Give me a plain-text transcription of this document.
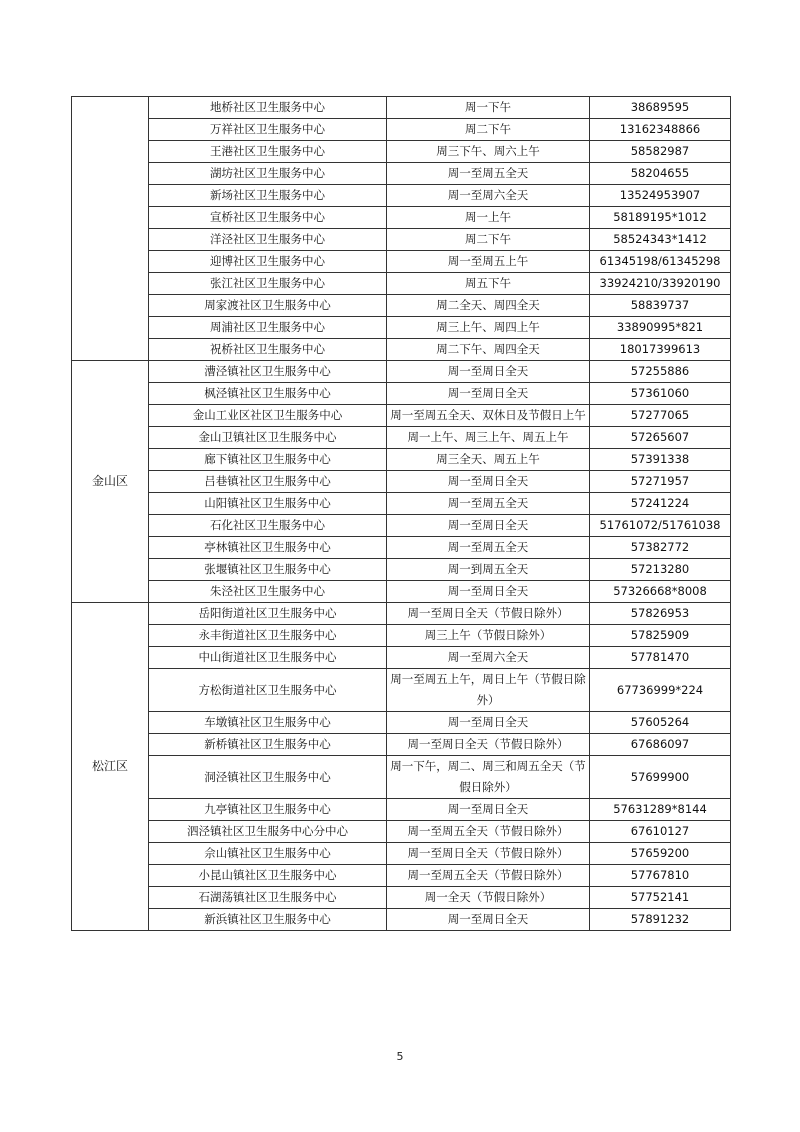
	地桥社区卫生服务中心	周一下午	38689595
	万祥社区卫生服务中心	周二下午	13162348866
	王港社区卫生服务中心	周三下午、周六上午	58582987
	湖坊社区卫生服务中心	周一至周五全天	58204655
	新场社区卫生服务中心	周一至周六全天	13524953907
	宣桥社区卫生服务中心	周一上午	58189195*1012
	洋泾社区卫生服务中心	周二下午	58524343*1412
	迎博社区卫生服务中心	周一至周五上午	61345198/61345298
	张江社区卫生服务中心	周五下午	33924210/33920190
	周家渡社区卫生服务中心	周二全天、周四全天	58839737
	周浦社区卫生服务中心	周三上午、周四上午	33890995*821
	祝桥社区卫生服务中心	周二下午、周四全天	18017399613
金山区	漕泾镇社区卫生服务中心	周一至周日全天	57255886
	枫泾镇社区卫生服务中心	周一至周日全天	57361060
	金山工业区社区卫生服务中心	周一至周五全天、双休日及节假日上午	57277065
	金山卫镇社区卫生服务中心	周一上午、周三上午、周五上午	57265607
	廊下镇社区卫生服务中心	周三全天、周五上午	57391338
	吕巷镇社区卫生服务中心	周一至周日全天	57271957
	山阳镇社区卫生服务中心	周一至周五全天	57241224
	石化社区卫生服务中心	周一至周日全天	51761072/51761038
	亭林镇社区卫生服务中心	周一至周五全天	57382772
	张堰镇社区卫生服务中心	周一到周五全天	57213280
	朱泾社区卫生服务中心	周一至周日全天	57326668*8008
松江区	岳阳街道社区卫生服务中心	周一至周日全天（节假日除外）	57826953
	永丰街道社区卫生服务中心	周三上午（节假日除外）	57825909
	中山街道社区卫生服务中心	周一至周六全天	57781470
	方松街道社区卫生服务中心	周一至周五上午，周日上午（节假日除外）	67736999*224
	车墩镇社区卫生服务中心	周一至周日全天	57605264
	新桥镇社区卫生服务中心	周一至周日全天（节假日除外）	67686097
	洞泾镇社区卫生服务中心	周一下午，周二、周三和周五全天（节假日除外）	57699900
	九亭镇社区卫生服务中心	周一至周日全天	57631289*8144
	泗泾镇社区卫生服务中心分中心	周一至周五全天（节假日除外）	67610127
	佘山镇社区卫生服务中心	周一至周日全天（节假日除外）	57659200
	小昆山镇社区卫生服务中心	周一至周五全天（节假日除外）	57767810
	石湖荡镇社区卫生服务中心	周一全天（节假日除外）	57752141
	新浜镇社区卫生服务中心	周一至周日全天	57891232
5
